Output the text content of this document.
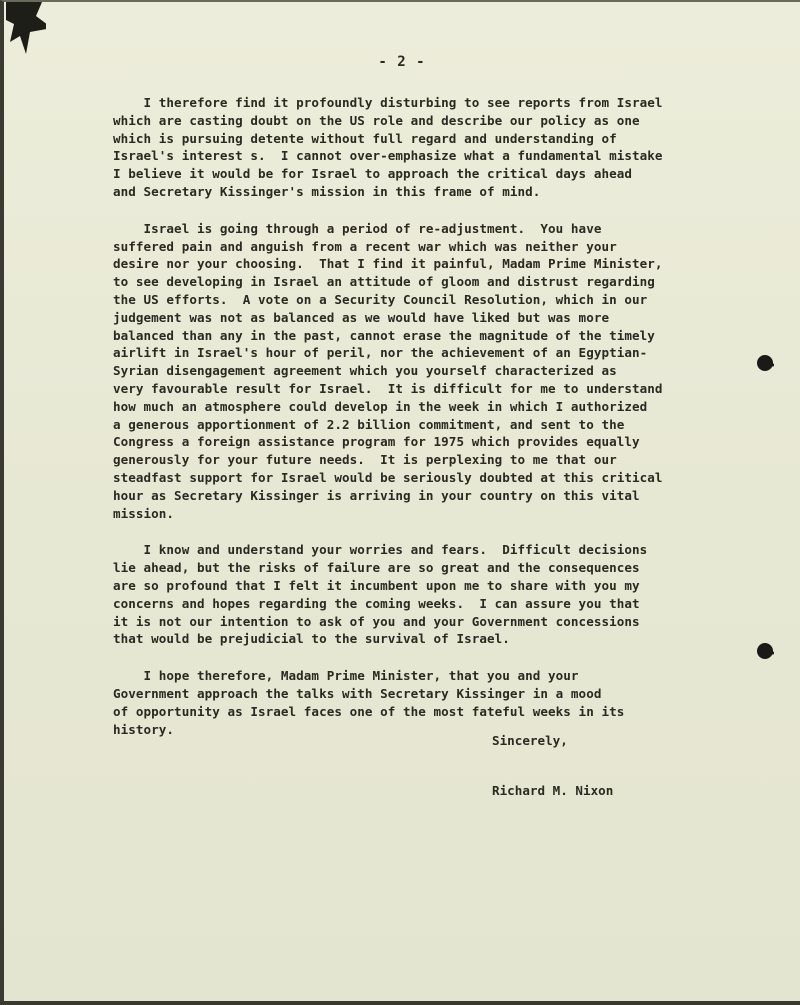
- 2 -

I therefore find it profoundly disturbing to see reports from Israel
which are casting doubt on the US role and describe our policy as one
which is pursuing detente without full regard and understanding of
Israel's interest s.  I cannot over-emphasize what a fundamental mistake
I believe it would be for Israel to approach the critical days ahead
and Secretary Kissinger's mission in this frame of mind.

Israel is going through a period of re-adjustment.  You have
suffered pain and anguish from a recent war which was neither your
desire nor your choosing.  That I find it painful, Madam Prime Minister,
to see developing in Israel an attitude of gloom and distrust regarding
the US efforts.  A vote on a Security Council Resolution, which in our
judgement was not as balanced as we would have liked but was more
balanced than any in the past, cannot erase the magnitude of the timely
airlift in Israel's hour of peril, nor the achievement of an Egyptian-
Syrian disengagement agreement which you yourself characterized as
very favourable result for Israel.  It is difficult for me to understand
how much an atmosphere could develop in the week in which I authorized
a generous apportionment of 2.2 billion commitment, and sent to the
Congress a foreign assistance program for 1975 which provides equally
generously for your future needs.  It is perplexing to me that our
steadfast support for Israel would be seriously doubted at this critical
hour as Secretary Kissinger is arriving in your country on this vital
mission.

I know and understand your worries and fears.  Difficult decisions
lie ahead, but the risks of failure are so great and the consequences
are so profound that I felt it incumbent upon me to share with you my
concerns and hopes regarding the coming weeks.  I can assure you that
it is not our intention to ask of you and your Government concessions
that would be prejudicial to the survival of Israel.

I hope therefore, Madam Prime Minister, that you and your
Government approach the talks with Secretary Kissinger in a mood
of opportunity as Israel faces one of the most fateful weeks in its
history.

Sincerely,
Richard M. Nixon
